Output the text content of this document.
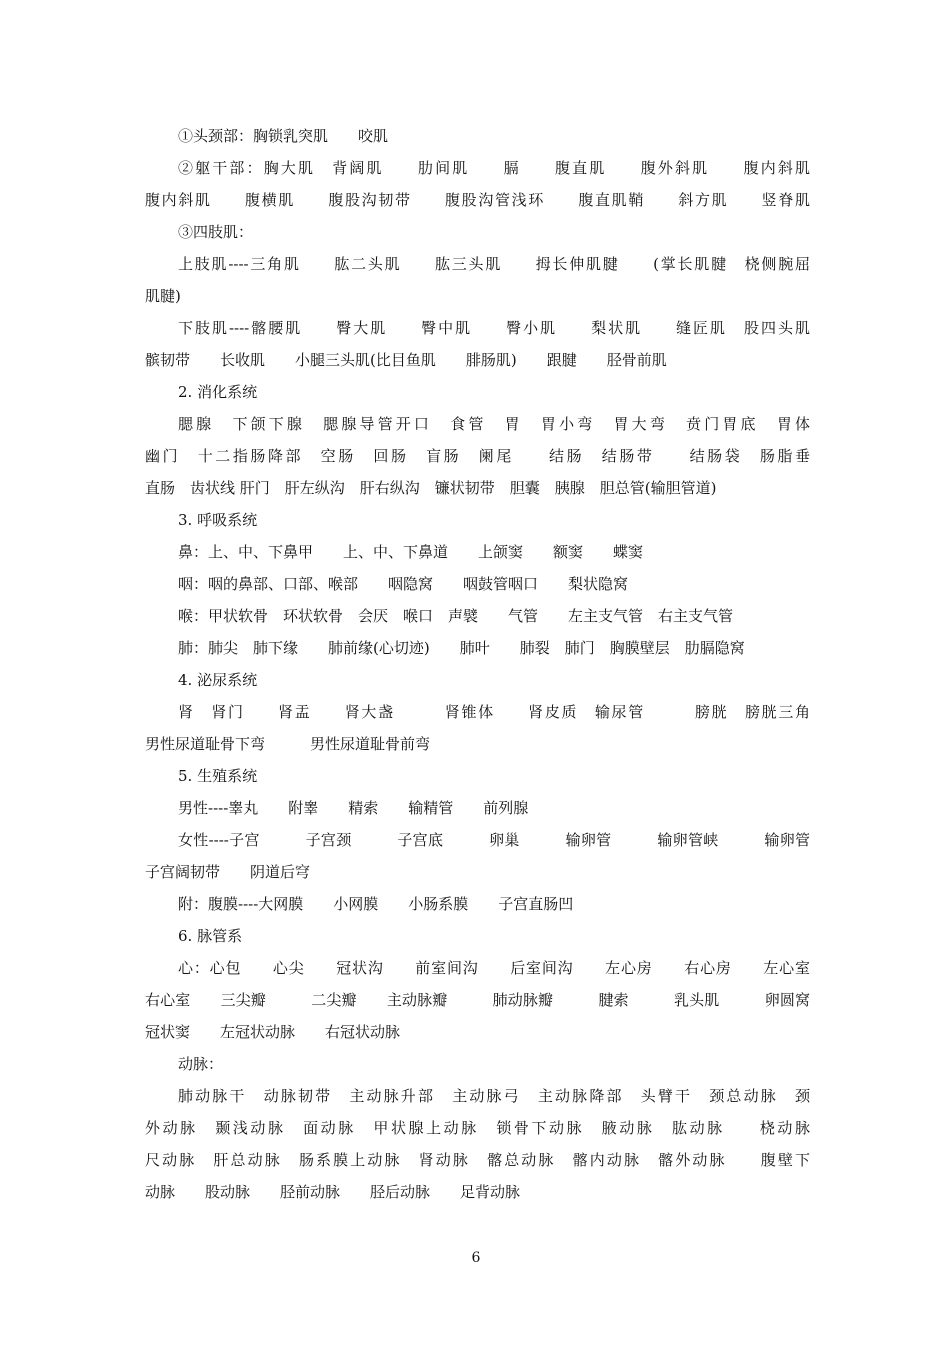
①头颈部：胸锁乳突肌　　咬肌
②躯干部：胸大肌　背阔肌　　肋间肌　　膈　　腹直肌　　腹外斜肌　　腹内斜肌
腹内斜肌　　腹横肌　　腹股沟韧带　　腹股沟管浅环　　腹直肌鞘　　斜方肌　　竖脊肌
③四肢肌：
上肢肌----三角肌　　肱二头肌　　肱三头肌　　拇长伸肌腱　　(掌长肌腱　桡侧腕屈
肌腱)
下肢肌----髂腰肌　　臀大肌　　臀中肌　　臀小肌　　梨状肌　　缝匠肌　股四头肌
髌韧带　　长收肌　　小腿三头肌(比目鱼肌　　腓肠肌)　　跟腱　　胫骨前肌
2. 消化系统
腮腺　下颌下腺　腮腺导管开口　食管　胃　胃小弯　胃大弯　贲门胃底　胃体
幽门　十二指肠降部　空肠　回肠　盲肠　阑尾　　结肠　结肠带　　结肠袋　肠脂垂
直肠　齿状线 肝门　肝左纵沟　肝右纵沟　镰状韧带　胆囊　胰腺　胆总管(输胆管道)
3. 呼吸系统
鼻：上、中、下鼻甲　　上、中、下鼻道　　上颌窦　　额窦　　蝶窦
咽：咽的鼻部、口部、喉部　　咽隐窝　　咽鼓管咽口　　梨状隐窝
喉：甲状软骨　环状软骨　会厌　喉口　声襞　　气管　　左主支气管　右主支气管
肺：肺尖　肺下缘　　肺前缘(心切迹)　　肺叶　　肺裂　肺门　胸膜壁层　肋膈隐窝
4. 泌尿系统
肾　肾门　　肾盂　　肾大盏　　　肾锥体　　肾皮质　输尿管　　　膀胱　膀胱三角
男性尿道耻骨下弯　　　男性尿道耻骨前弯
5. 生殖系统
男性----睾丸　　附睾　　精索　　输精管　　前列腺
女性----子宫　　　子宫颈　　　子宫底　　　卵巢　　　输卵管　　　输卵管峡　　　输卵管
子宫阔韧带　　阴道后穹
附：腹膜----大网膜　　小网膜　　小肠系膜　　子宫直肠凹
6. 脉管系
心：心包　　心尖　　冠状沟　　前室间沟　　后室间沟　　左心房　　右心房　　左心室
右心室　　三尖瓣　　　二尖瓣　　主动脉瓣　　　肺动脉瓣　　　腱索　　　乳头肌　　　卵圆窝
冠状窦　　左冠状动脉　　右冠状动脉
动脉：
肺动脉干　动脉韧带　主动脉升部　主动脉弓　主动脉降部　头臂干　颈总动脉　颈
外动脉　颞浅动脉　面动脉　甲状腺上动脉　锁骨下动脉　腋动脉　肱动脉　　桡动脉
尺动脉　肝总动脉　肠系膜上动脉　肾动脉　髂总动脉　髂内动脉　髂外动脉　　腹壁下
动脉　　股动脉　　胫前动脉　　胫后动脉　　足背动脉
6
